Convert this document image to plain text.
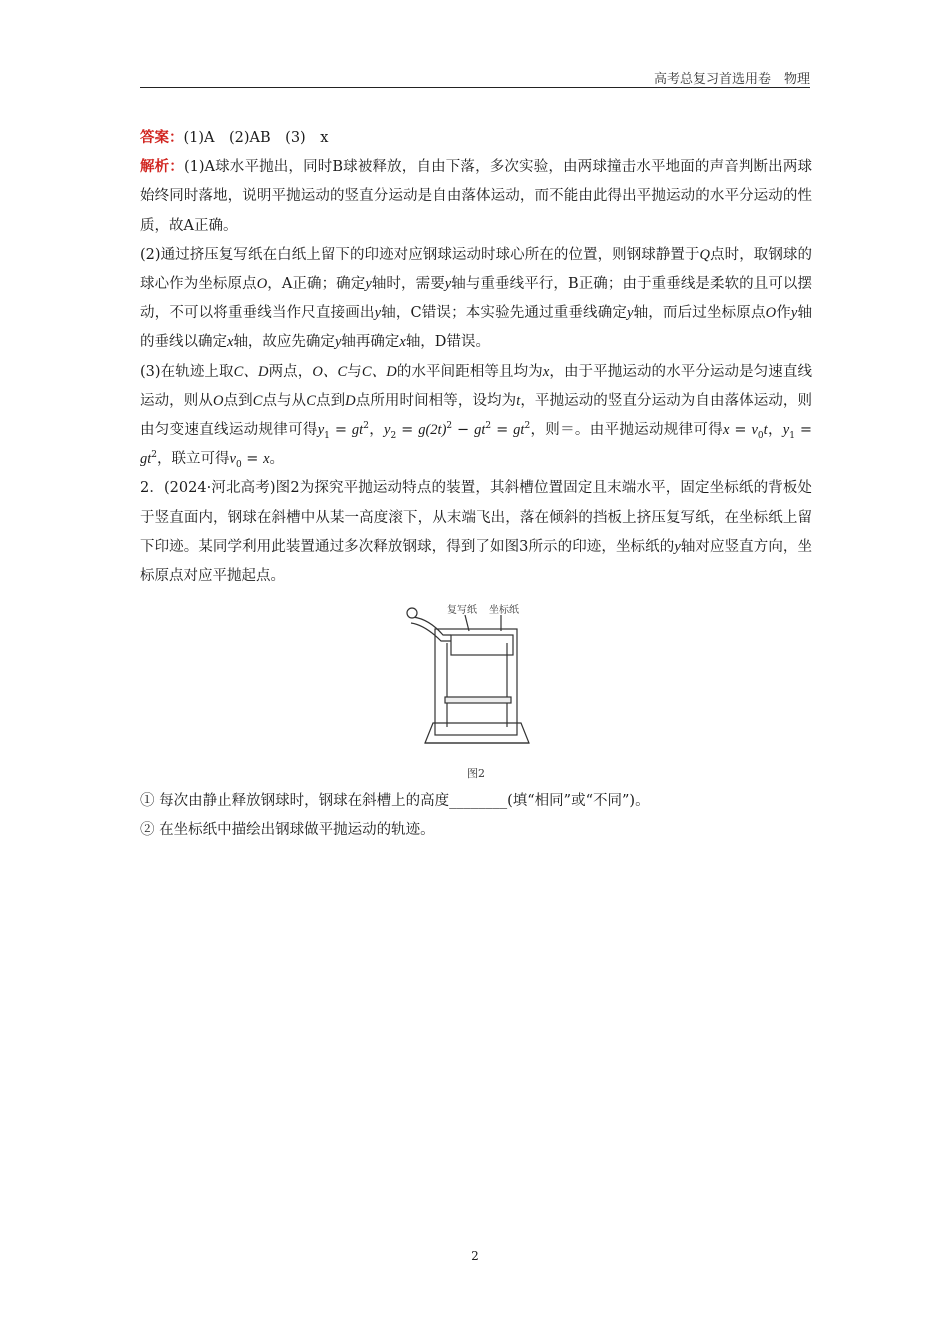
高考总复习首选用卷　物理

答案：(1)A　(2)AB　(3)　x

解析：(1)A球水平抛出，同时B球被释放，自由下落，多次实验，由两球撞击水平地面的声音判断出两球始终同时落地，说明平抛运动的竖直分运动是自由落体运动，而不能由此得出平抛运动的水平分运动的性质，故A正确。

(2)通过挤压复写纸在白纸上留下的印迹对应钢球运动时球心所在的位置，则钢球静置于Q点时，取钢球的球心作为坐标原点O，A正确；确定y轴时，需要y轴与重垂线平行，B正确；由于重垂线是柔软的且可以摆动，不可以将重垂线当作尺直接画出y轴，C错误；本实验先通过重垂线确定y轴，而后过坐标原点O作y轴的垂线以确定x轴，故应先确定y轴再确定x轴，D错误。

(3)在轨迹上取C、D两点，O、C与C、D的水平间距相等且均为x，由于平抛运动的水平分运动是匀速直线运动，则从O点到C点与从C点到D点所用时间相等，设均为t，平抛运动的竖直分运动为自由落体运动，则由匀变速直线运动规律可得$y_1 = gt^2$，$y_2 = g(2t)^2 - gt^2 = gt^2$，则＝。由平抛运动规律可得$x = v_0t$，$y_1 = gt^2$，联立可得$v_0 = x$。

2．(2024·河北高考)图2为探究平抛运动特点的装置，其斜槽位置固定且末端水平，固定坐标纸的背板处于竖直面内，钢球在斜槽中从某一高度滚下，从末端飞出，落在倾斜的挡板上挤压复写纸，在坐标纸上留下印迹。某同学利用此装置通过多次释放钢球，得到了如图3所示的印迹，坐标纸的y轴对应竖直方向，坐标原点对应平抛起点。

复写纸 坐标纸
图2

① 每次由静止释放钢球时，钢球在斜槽上的高度________(填“相同”或“不同”)。

② 在坐标纸中描绘出钢球做平抛运动的轨迹。

2
